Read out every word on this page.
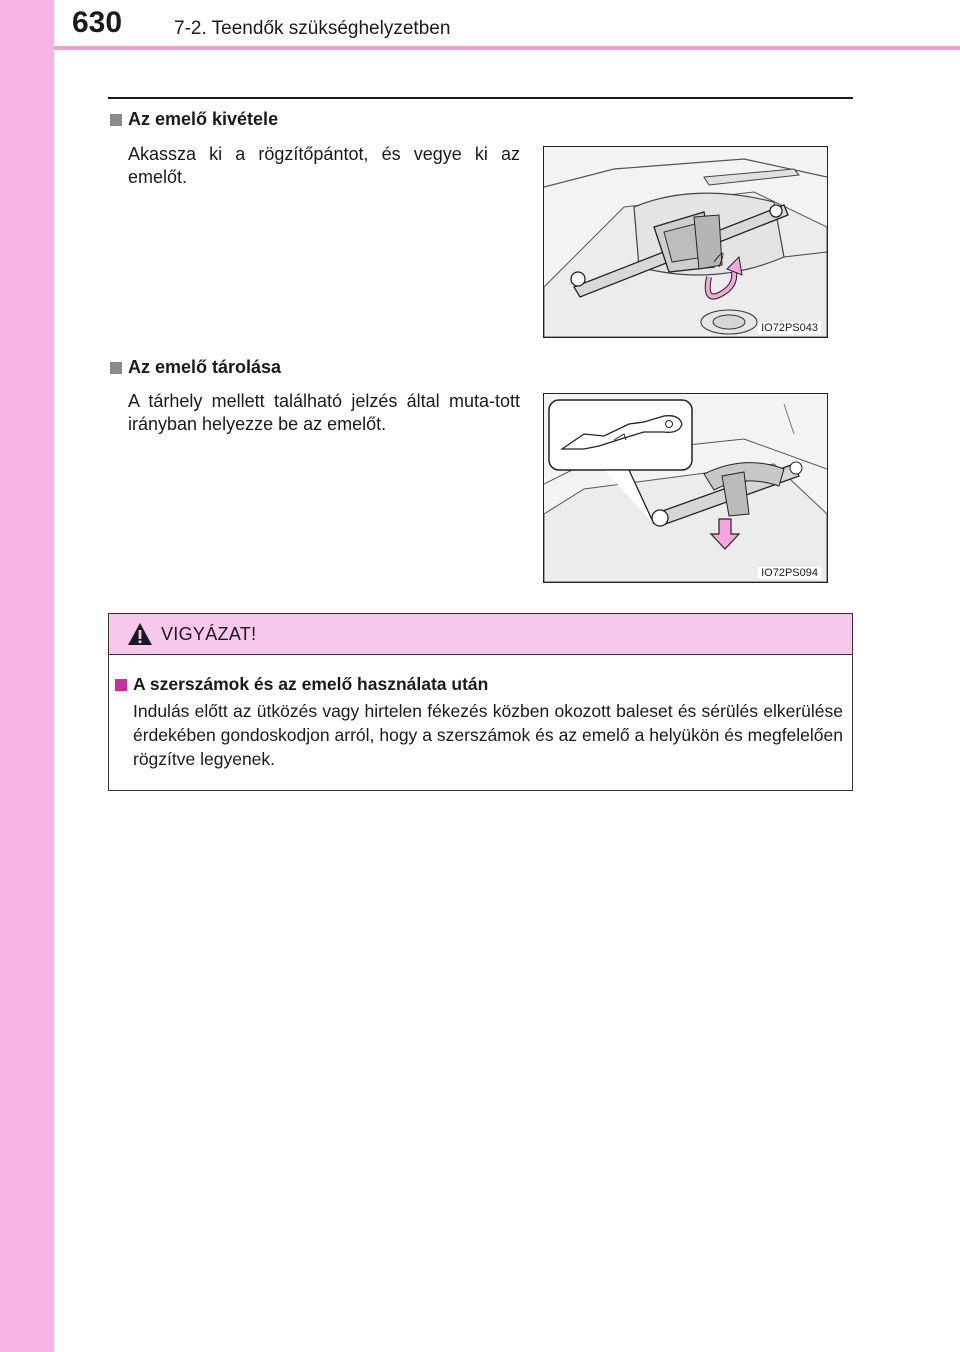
630	7-2. Teendők szükséghelyzetben
Az emelő kivétele
Akassza ki a rögzítőpántot, és vegye ki az emelőt.
IO72PS043
Az emelő tárolása
A tárhely mellett található jelzés által muta-tott irányban helyezze be az emelőt.
IO72PS094
VIGYÁZAT!
A szerszámok és az emelő használata után
Indulás előtt az ütközés vagy hirtelen fékezés közben okozott baleset és sérülés elkerülése érdekében gondoskodjon arról, hogy a szerszámok és az emelő a helyükön és megfelelően rögzítve legyenek.
